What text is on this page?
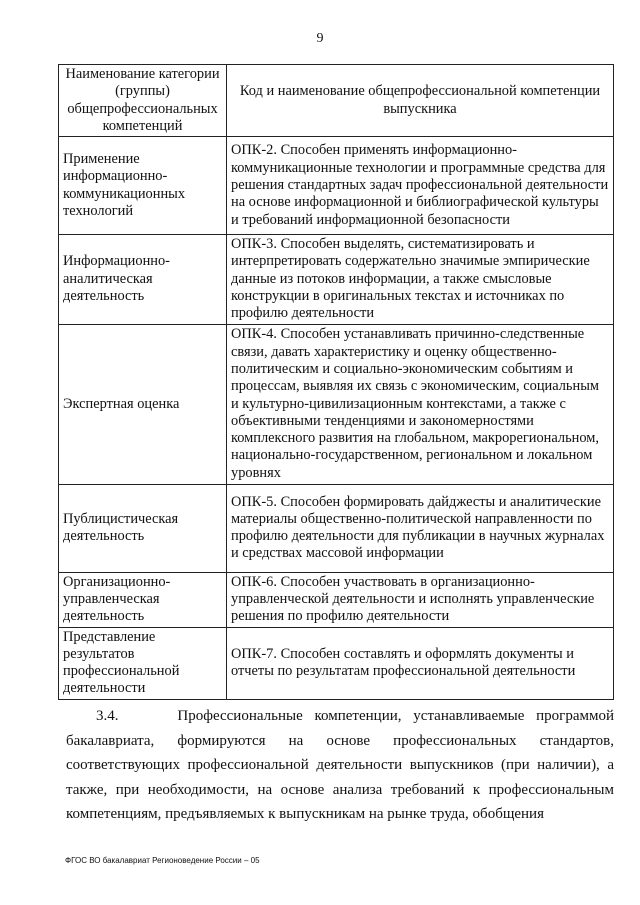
9
Наименование категории (группы) общепрофессиональных компетенций	Код и наименование общепрофессиональной компетенции выпускника
Применение информационно-коммуникационных технологий	ОПК-2. Способен применять информационно-коммуникационные технологии и программные средства для решения стандартных задач профессиональной деятельности на основе информационной и библиографической культуры и требований информационной безопасности
Информационно-аналитическая деятельность	ОПК-3. Способен выделять, систематизировать и интерпретировать содержательно значимые эмпирические данные из потоков информации, а также смысловые конструкции в оригинальных текстах и источниках по профилю деятельности
Экспертная оценка	ОПК-4. Способен устанавливать причинно-следственные связи, давать характеристику и оценку общественно-политическим и социально-экономическим событиям и процессам, выявляя их связь с экономическим, социальным и культурно-цивилизационным контекстами, а также с объективными тенденциями и закономерностями комплексного развития на глобальном, макрорегиональном, национально-государственном, региональном и локальном уровнях
Публицистическая деятельность	ОПК-5. Способен формировать дайджесты и аналитические материалы общественно-политической направленности по профилю деятельности для публикации в научных журналах и средствах массовой информации
Организационно-управленческая деятельность	ОПК-6. Способен участвовать в организационно-управленческой деятельности и исполнять управленческие решения по профилю деятельности
Представление результатов профессиональной деятельности	ОПК-7. Способен составлять и оформлять документы и отчеты по результатам профессиональной деятельности
3.4.	Профессиональные компетенции, устанавливаемые программой бакалавриата, формируются на основе профессиональных стандартов, соответствующих профессиональной деятельности выпускников (при наличии), а также, при необходимости, на основе анализа требований к профессиональным компетенциям, предъявляемых к выпускникам на рынке труда, обобщения
ФГОС ВО бакалавриат Регионоведение России – 05
